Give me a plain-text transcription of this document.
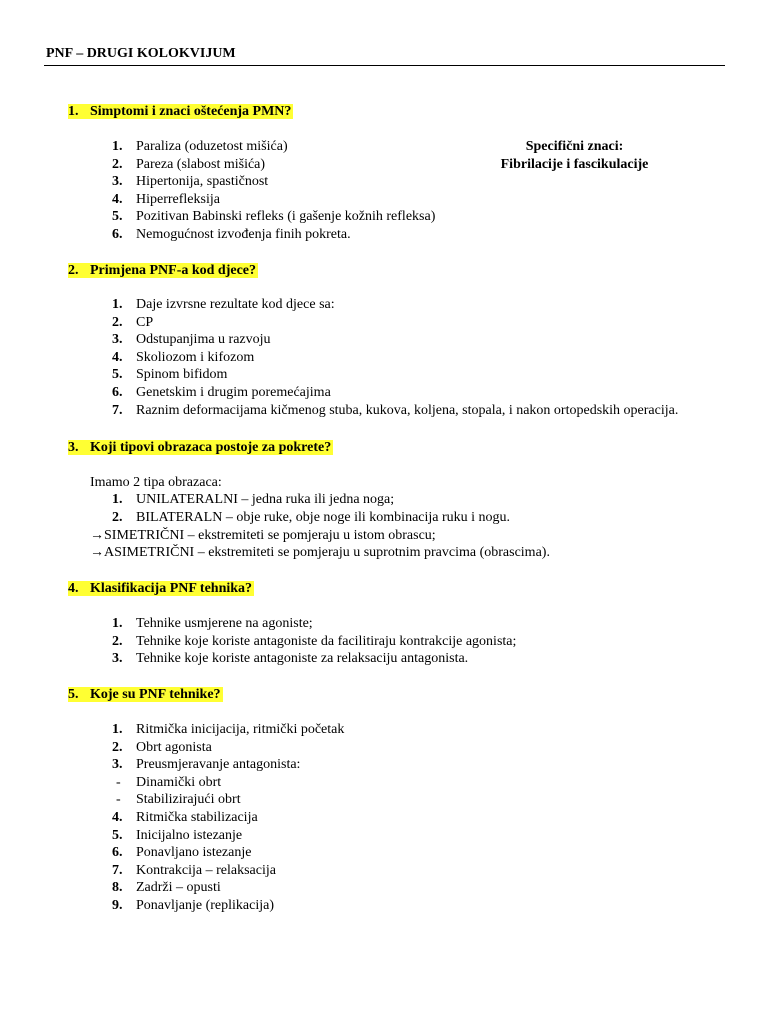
PNF – DRUGI KOLOKVIJUM
1. Simptomi i znaci oštećenja PMN?
1. Paraliza (oduzetost mišića)
2. Pareza (slabost mišića)
3. Hipertonija, spastičnost
4. Hiperrefleksija
5. Pozitivan Babinski refleks (i gašenje kožnih refleksa)
6. Nemogućnost izvođenja finih pokreta.
Specifični znaci:
Fibrilacije i fascikulacije
2. Primjena PNF-a kod djece?
1. Daje izvrsne rezultate kod djece sa:
2. CP
3. Odstupanjima u razvoju
4. Skoliozom i kifozom
5. Spinom bifidom
6. Genetskim i drugim poremećajima
7. Raznim deformacijama kičmenog stuba, kukova, koljena, stopala, i nakon ortopedskih operacija.
3. Koji tipovi obrazaca postoje za pokrete?
Imamo 2 tipa obrazaca:
1. UNILATERALNI – jedna ruka ili jedna noga;
2. BILATERALN – obje ruke, obje noge ili kombinacija ruku i nogu.
→SIMETRIČNI – ekstremiteti se pomjeraju u istom obrascu;
→ASIMETRIČNI – ekstremiteti se pomjeraju u suprotnim pravcima (obrascima).
4. Klasifikacija PNF tehnika?
1. Tehnike usmjerene na agoniste;
2. Tehnike koje koriste antagoniste da facilitiraju kontrakcije agonista;
3. Tehnike koje koriste antagoniste za relaksaciju antagonista.
5. Koje su PNF tehnike?
1. Ritmička inicijacija, ritmički početak
2. Obrt agonista
3. Preusmjeravanje antagonista:
- Dinamički obrt
- Stabilizirajući obrt
4. Ritmička stabilizacija
5. Inicijalno istezanje
6. Ponavljano istezanje
7. Kontrakcija – relaksacija
8. Zadrži – opusti
9. Ponavljanje (replikacija)
